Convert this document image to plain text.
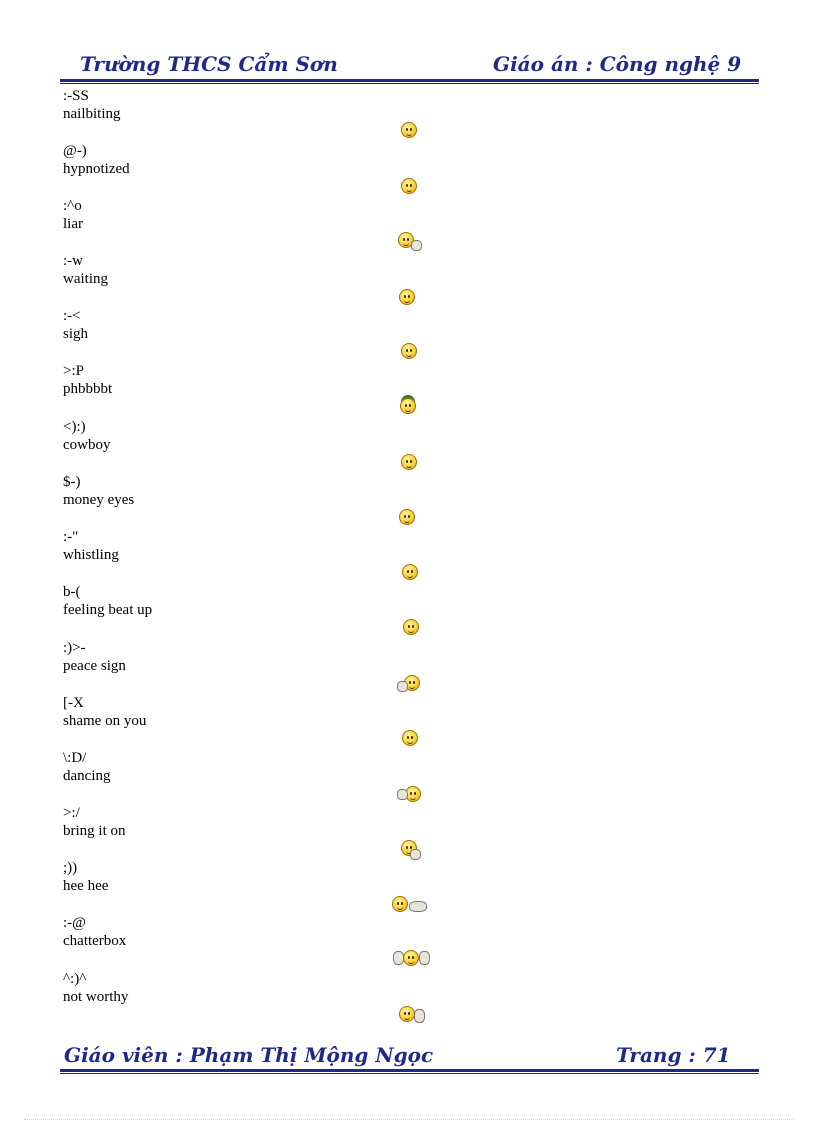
Trường THCS Cẩm Sơn	Giáo án : Công nghệ 9
:-SS
nailbiting
@-)
hypnotized
:^o
liar
:-w
waiting
:-<
sigh
>:P
phbbbbt
<):)
cowboy
$-)
money eyes
:-"
whistling
b-(
feeling beat up
:)>-
peace sign
[-X
shame on you
\:D/
dancing
>:/
bring it on
;))
hee hee
:-@
chatterbox
^:)^
not worthy
Giáo viên : Phạm Thị Mộng Ngọc	Trang : 71
